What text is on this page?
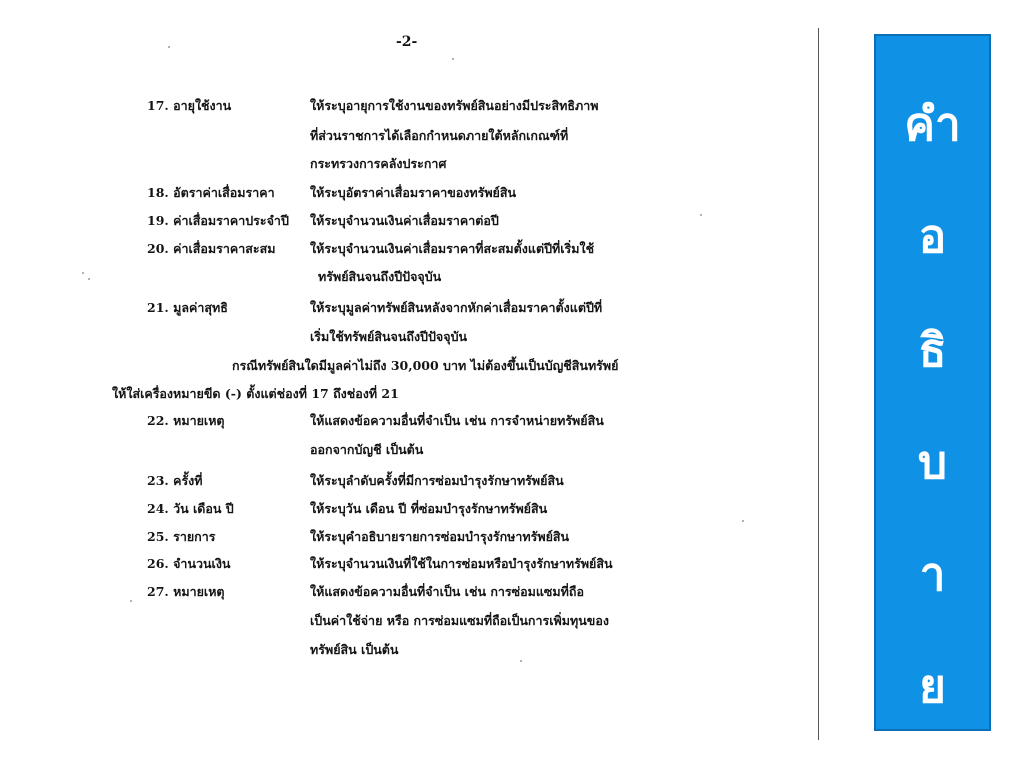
-2-
17. อายุใช้งาน	ให้ระบุอายุการใช้งานของทรัพย์สินอย่างมีประสิทธิภาพ
ที่ส่วนราชการได้เลือกกำหนดภายใต้หลักเกณฑ์ที่
กระทรวงการคลังประกาศ
18. อัตราค่าเสื่อมราคา	ให้ระบุอัตราค่าเสื่อมราคาของทรัพย์สิน
19. ค่าเสื่อมราคาประจำปี ให้ระบุจำนวนเงินค่าเสื่อมราคาต่อปี
20. ค่าเสื่อมราคาสะสม	ให้ระบุจำนวนเงินค่าเสื่อมราคาที่สะสมตั้งแต่ปีที่เริ่มใช้
ทรัพย์สินจนถึงปีปัจจุบัน
21. มูลค่าสุทธิ	ให้ระบุมูลค่าทรัพย์สินหลังจากหักค่าเสื่อมราคาตั้งแต่ปีที่
เริ่มใช้ทรัพย์สินจนถึงปีปัจจุบัน
กรณีทรัพย์สินใดมีมูลค่าไม่ถึง 30,000 บาท ไม่ต้องขึ้นเป็นบัญชีสินทรัพย์
ให้ใส่เครื่องหมายขีด (-) ตั้งแต่ช่องที่ 17 ถึงช่องที่ 21
22. หมายเหตุ	ให้แสดงข้อความอื่นที่จำเป็น เช่น การจำหน่ายทรัพย์สิน
ออกจากบัญชี เป็นต้น
23. ครั้งที่	ให้ระบุลำดับครั้งที่มีการซ่อมบำรุงรักษาทรัพย์สิน
24. วัน เดือน ปี	ให้ระบุวัน เดือน ปี ที่ซ่อมบำรุงรักษาทรัพย์สิน
25. รายการ	ให้ระบุคำอธิบายรายการซ่อมบำรุงรักษาทรัพย์สิน
26. จำนวนเงิน	ให้ระบุจำนวนเงินที่ใช้ในการซ่อมหรือบำรุงรักษาทรัพย์สิน
27. หมายเหตุ	ให้แสดงข้อความอื่นที่จำเป็น เช่น การซ่อมแซมที่ถือ
เป็นค่าใช้จ่าย หรือ การซ่อมแซมที่ถือเป็นการเพิ่มทุนของ
ทรัพย์สิน เป็นต้น
คำ
อ
ธิ
บ
า
ย
